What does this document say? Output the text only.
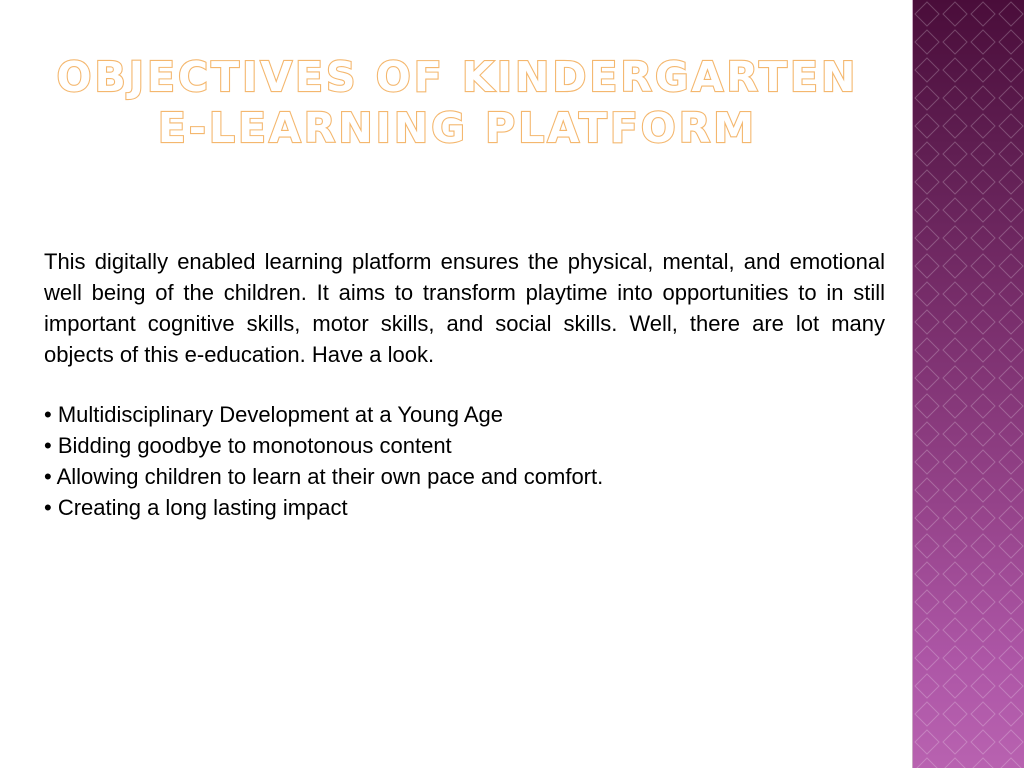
OBJECTIVES OF KINDERGARTEN
E-LEARNING PLATFORM

This digitally enabled learning platform ensures the physical, mental, and emotional well being of the children. It aims to transform playtime into opportunities to in still important cognitive skills, motor skills, and social skills. Well, there are lot many objects of this e-education. Have a look.

• Multidisciplinary Development at a Young Age
• Bidding goodbye to monotonous content
• Allowing children to learn at their own pace and comfort.
• Creating a long lasting impact
